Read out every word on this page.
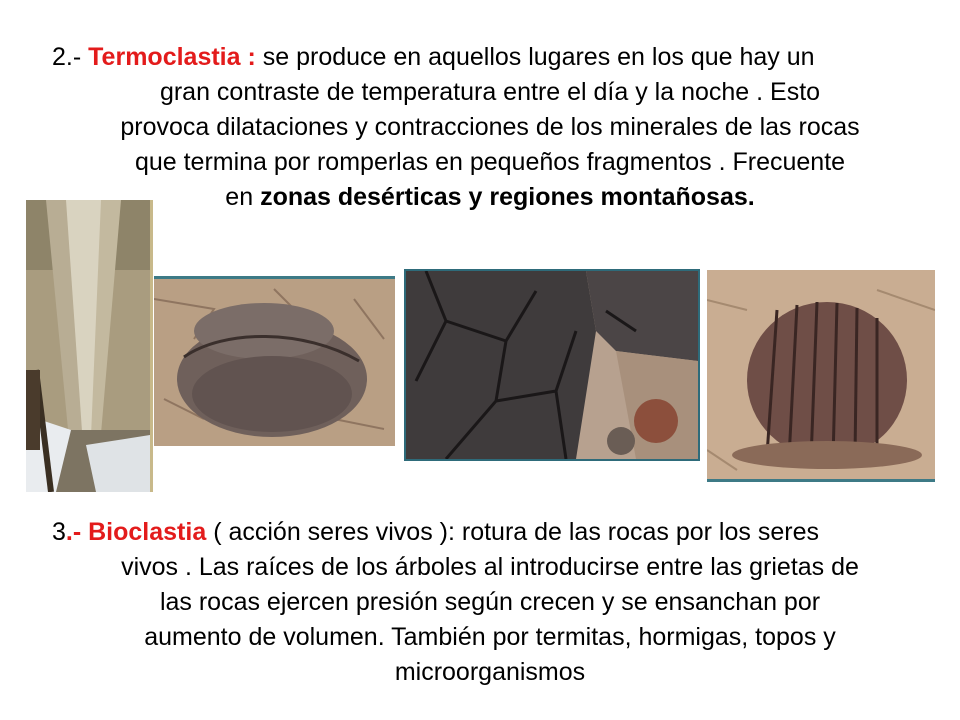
2.- Termoclastia : se produce en aquellos lugares en los que hay un
gran contraste de temperatura entre el día y la noche . Esto
provoca dilataciones y contracciones de los minerales de las rocas
que termina por romperlas en pequeños fragmentos . Frecuente
en zonas desérticas y regiones montañosas.
3.- Bioclastia ( acción seres vivos ): rotura de las rocas por los seres
vivos . Las raíces de los árboles al introducirse entre las grietas de
las rocas ejercen presión según crecen y se ensanchan por
aumento de volumen. También por termitas, hormigas, topos y
microorganismos
